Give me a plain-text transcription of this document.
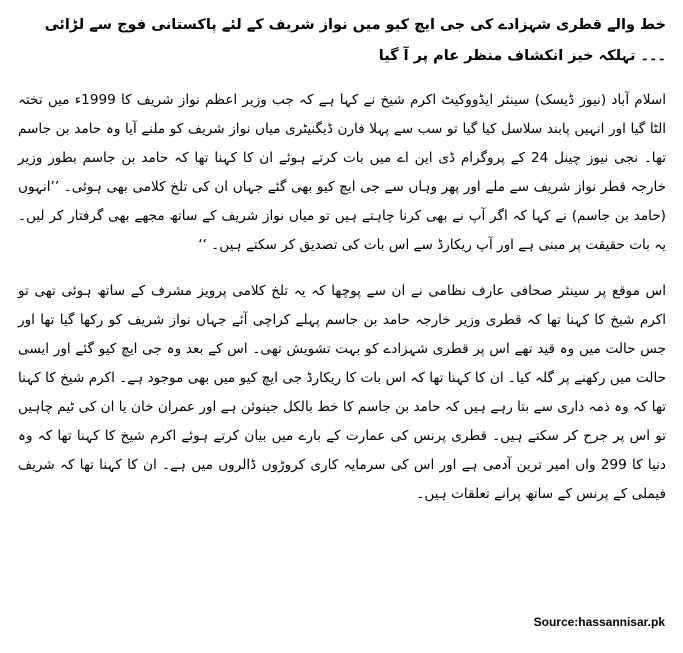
خط والے قطری شہزادے کی جی ایچ کیو میں نواز شریف کے لئے پاکستانی فوج سے لڑائی ۔۔۔ تہلکہ خیز انکشاف منظر عام پر آ گیا

اسلام آباد (نیوز ڈیسک) سینئر ایڈووکیٹ اکرم شیخ نے کہا ہے کہ جب وزیر اعظم نواز شریف کا 1999ء میں تختہ الٹا گیا اور انہیں پابند سلاسل کیا گیا تو سب سے پہلا فارن ڈیگنیٹری میاں نواز شریف کو ملنے آیا وہ حامد بن جاسم تھا۔ نجی نیوز چینل 24 کے پروگرام ڈی این اے میں بات کرتے ہوئے ان کا کہنا تھا کہ حامد بن جاسم بطور وزیر خارجہ قطر نواز شریف سے ملے اور پھر وہاں سے جی ایچ کیو بھی گئے جہاں ان کی تلخ کلامی بھی ہوئی۔ ’’انہوں (حامد بن جاسم) نے کہا کہ اگر آپ نے بھی کرنا چاہتے ہیں تو میاں نواز شریف کے ساتھ مجھے بھی گرفتار کر لیں۔ یہ بات حقیقت پر مبنی ہے اور آپ ریکارڈ سے اس بات کی تصدیق کر سکتے ہیں۔ ‘‘

اس موقع پر سینئر صحافی عارف نظامی نے ان سے پوچھا کہ یہ تلخ کلامی پرویز مشرف کے ساتھ ہوئی تھی تو اکرم شیخ کا کہنا تھا کہ قطری وزیر خارجہ حامد بن جاسم پہلے کراچی آئے جہاں نواز شریف کو رکھا گیا تھا اور جس حالت میں وہ قید تھے اس پر قطری شہزادے کو بہت تشویش تھی۔ اس کے بعد وہ جی ایچ کیو گئے اور ایسی حالت میں رکھنے پر گلہ کیا۔ ان کا کہنا تھا کہ اس بات کا ریکارڈ جی ایچ کیو میں بھی موجود ہے۔ اکرم شیخ کا کہنا تھا کہ وہ ذمہ داری سے بتا رہے ہیں کہ حامد بن جاسم کا خط بالکل جینوئن ہے اور عمران خان یا ان کی ٹیم چاہیں تو اس پر جرح کر سکتے ہیں۔ قطری پرنس کی عمارت کے بارے میں بیان کرتے ہوئے اکرم شیخ کا کہنا تھا کہ وہ دنیا کا 299 واں امیر ترین آدمی ہے اور اس کی سرمایہ کاری کروڑوں ڈالروں میں ہے۔ ان کا کہنا تھا کہ شریف فیملی کے پرنس کے ساتھ پرانے تعلقات ہیں۔

Source:hassannisar.pk
